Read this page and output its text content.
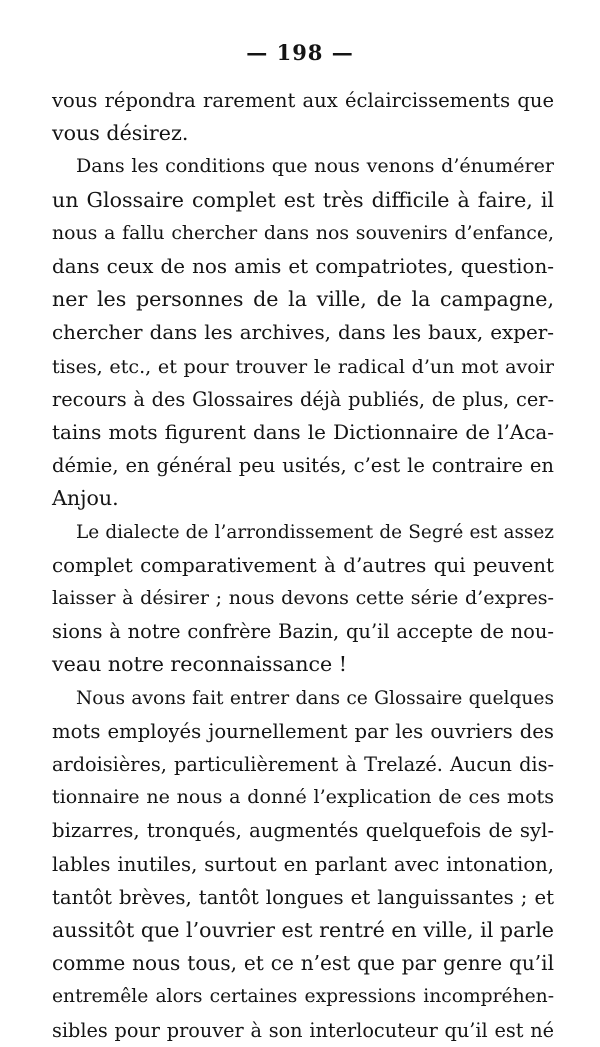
— 198 —
vous répondra rarement aux éclaircissements que
vous désirez.
Dans les conditions que nous venons d’énumérer
un Glossaire complet est très difficile à faire, il
nous a fallu chercher dans nos souvenirs d’enfance,
dans ceux de nos amis et compatriotes, question-
ner les personnes de la ville, de la campagne,
chercher dans les archives, dans les baux, exper-
tises, etc., et pour trouver le radical d’un mot avoir
recours à des Glossaires déjà publiés, de plus, cer-
tains mots figurent dans le Dictionnaire de l’Aca-
démie, en général peu usités, c’est le contraire en
Anjou.
Le dialecte de l’arrondissement de Segré est assez
complet comparativement à d’autres qui peuvent
laisser à désirer ; nous devons cette série d’expres-
sions à notre confrère Bazin, qu’il accepte de nou-
veau notre reconnaissance !
Nous avons fait entrer dans ce Glossaire quelques
mots employés journellement par les ouvriers des
ardoisières, particulièrement à Trelazé. Aucun dis-
tionnaire ne nous a donné l’explication de ces mots
bizarres, tronqués, augmentés quelquefois de syl-
lables inutiles, surtout en parlant avec intonation,
tantôt brèves, tantôt longues et languissantes ; et
aussitôt que l’ouvrier est rentré en ville, il parle
comme nous tous, et ce n’est que par genre qu’il
entremêle alors certaines expressions incompréhen-
sibles pour prouver à son interlocuteur qu’il est né
